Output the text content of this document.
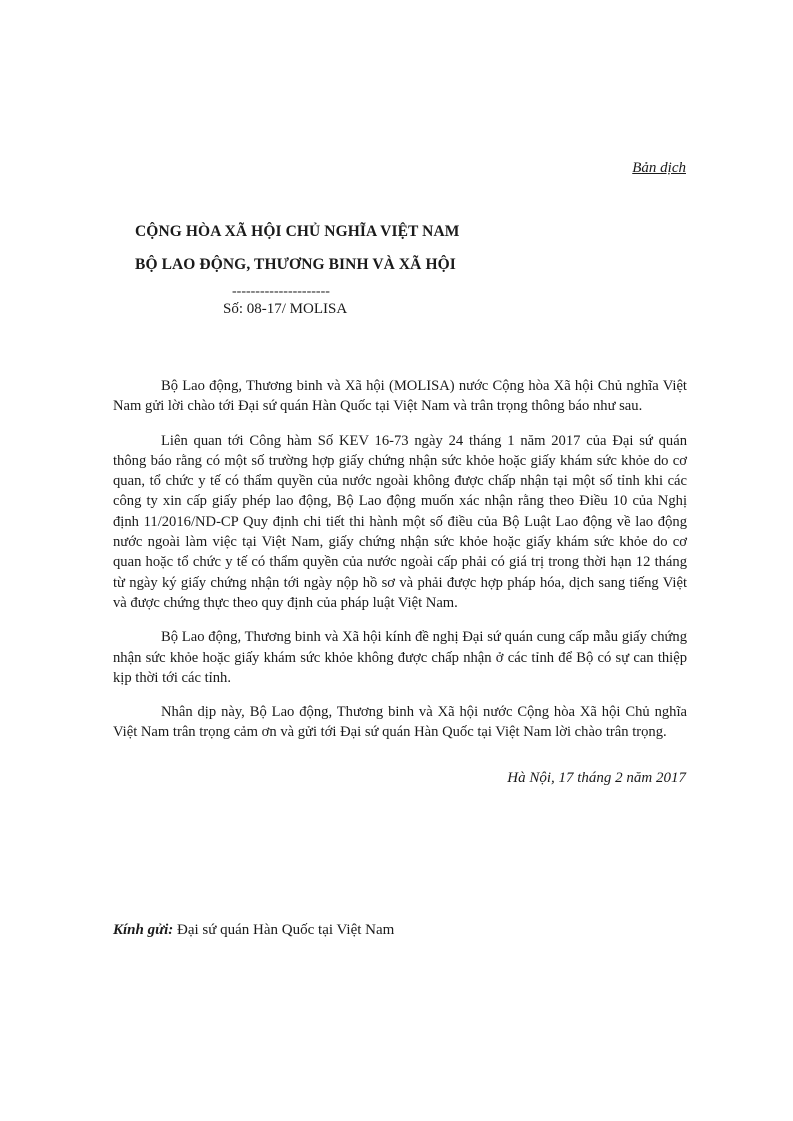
Bản dịch
CỘNG HÒA XÃ HỘI CHỦ NGHĨA VIỆT NAM
BỘ LAO ĐỘNG, THƯƠNG BINH VÀ XÃ HỘI
---------------------
Số: 08-17/ MOLISA

Bộ Lao động, Thương binh và Xã hội (MOLISA) nước Cộng hòa Xã hội Chủ nghĩa Việt Nam gửi lời chào tới Đại sứ quán Hàn Quốc tại Việt Nam và trân trọng thông báo như sau.

Liên quan tới Công hàm Số KEV 16-73 ngày 24 tháng 1 năm 2017 của Đại sứ quán thông báo rằng có một số trường hợp giấy chứng nhận sức khỏe hoặc giấy khám sức khỏe do cơ quan, tổ chức y tế có thẩm quyền của nước ngoài không được chấp nhận tại một số tỉnh khi các công ty xin cấp giấy phép lao động, Bộ Lao động muốn xác nhận rằng theo Điều 10 của Nghị định 11/2016/ND-CP Quy định chi tiết thi hành một số điều của Bộ Luật Lao động về lao động nước ngoài làm việc tại Việt Nam, giấy chứng nhận sức khỏe hoặc giấy khám sức khỏe do cơ quan hoặc tổ chức y tế có thẩm quyền của nước ngoài cấp phải có giá trị trong thời hạn 12 tháng từ ngày ký giấy chứng nhận tới ngày nộp hồ sơ và phải được hợp pháp hóa, dịch sang tiếng Việt và được chứng thực theo quy định của pháp luật Việt Nam.

Bộ Lao động, Thương binh và Xã hội kính đề nghị Đại sứ quán cung cấp mẫu giấy chứng nhận sức khỏe hoặc giấy khám sức khỏe không được chấp nhận ở các tỉnh để Bộ có sự can thiệp kịp thời tới các tỉnh.

Nhân dịp này, Bộ Lao động, Thương binh và Xã hội nước Cộng hòa Xã hội Chủ nghĩa Việt Nam trân trọng cảm ơn và gửi tới Đại sứ quán Hàn Quốc tại Việt Nam lời chào trân trọng.

Hà Nội, 17 tháng 2 năm 2017
Kính gửi: Đại sứ quán Hàn Quốc tại Việt Nam
